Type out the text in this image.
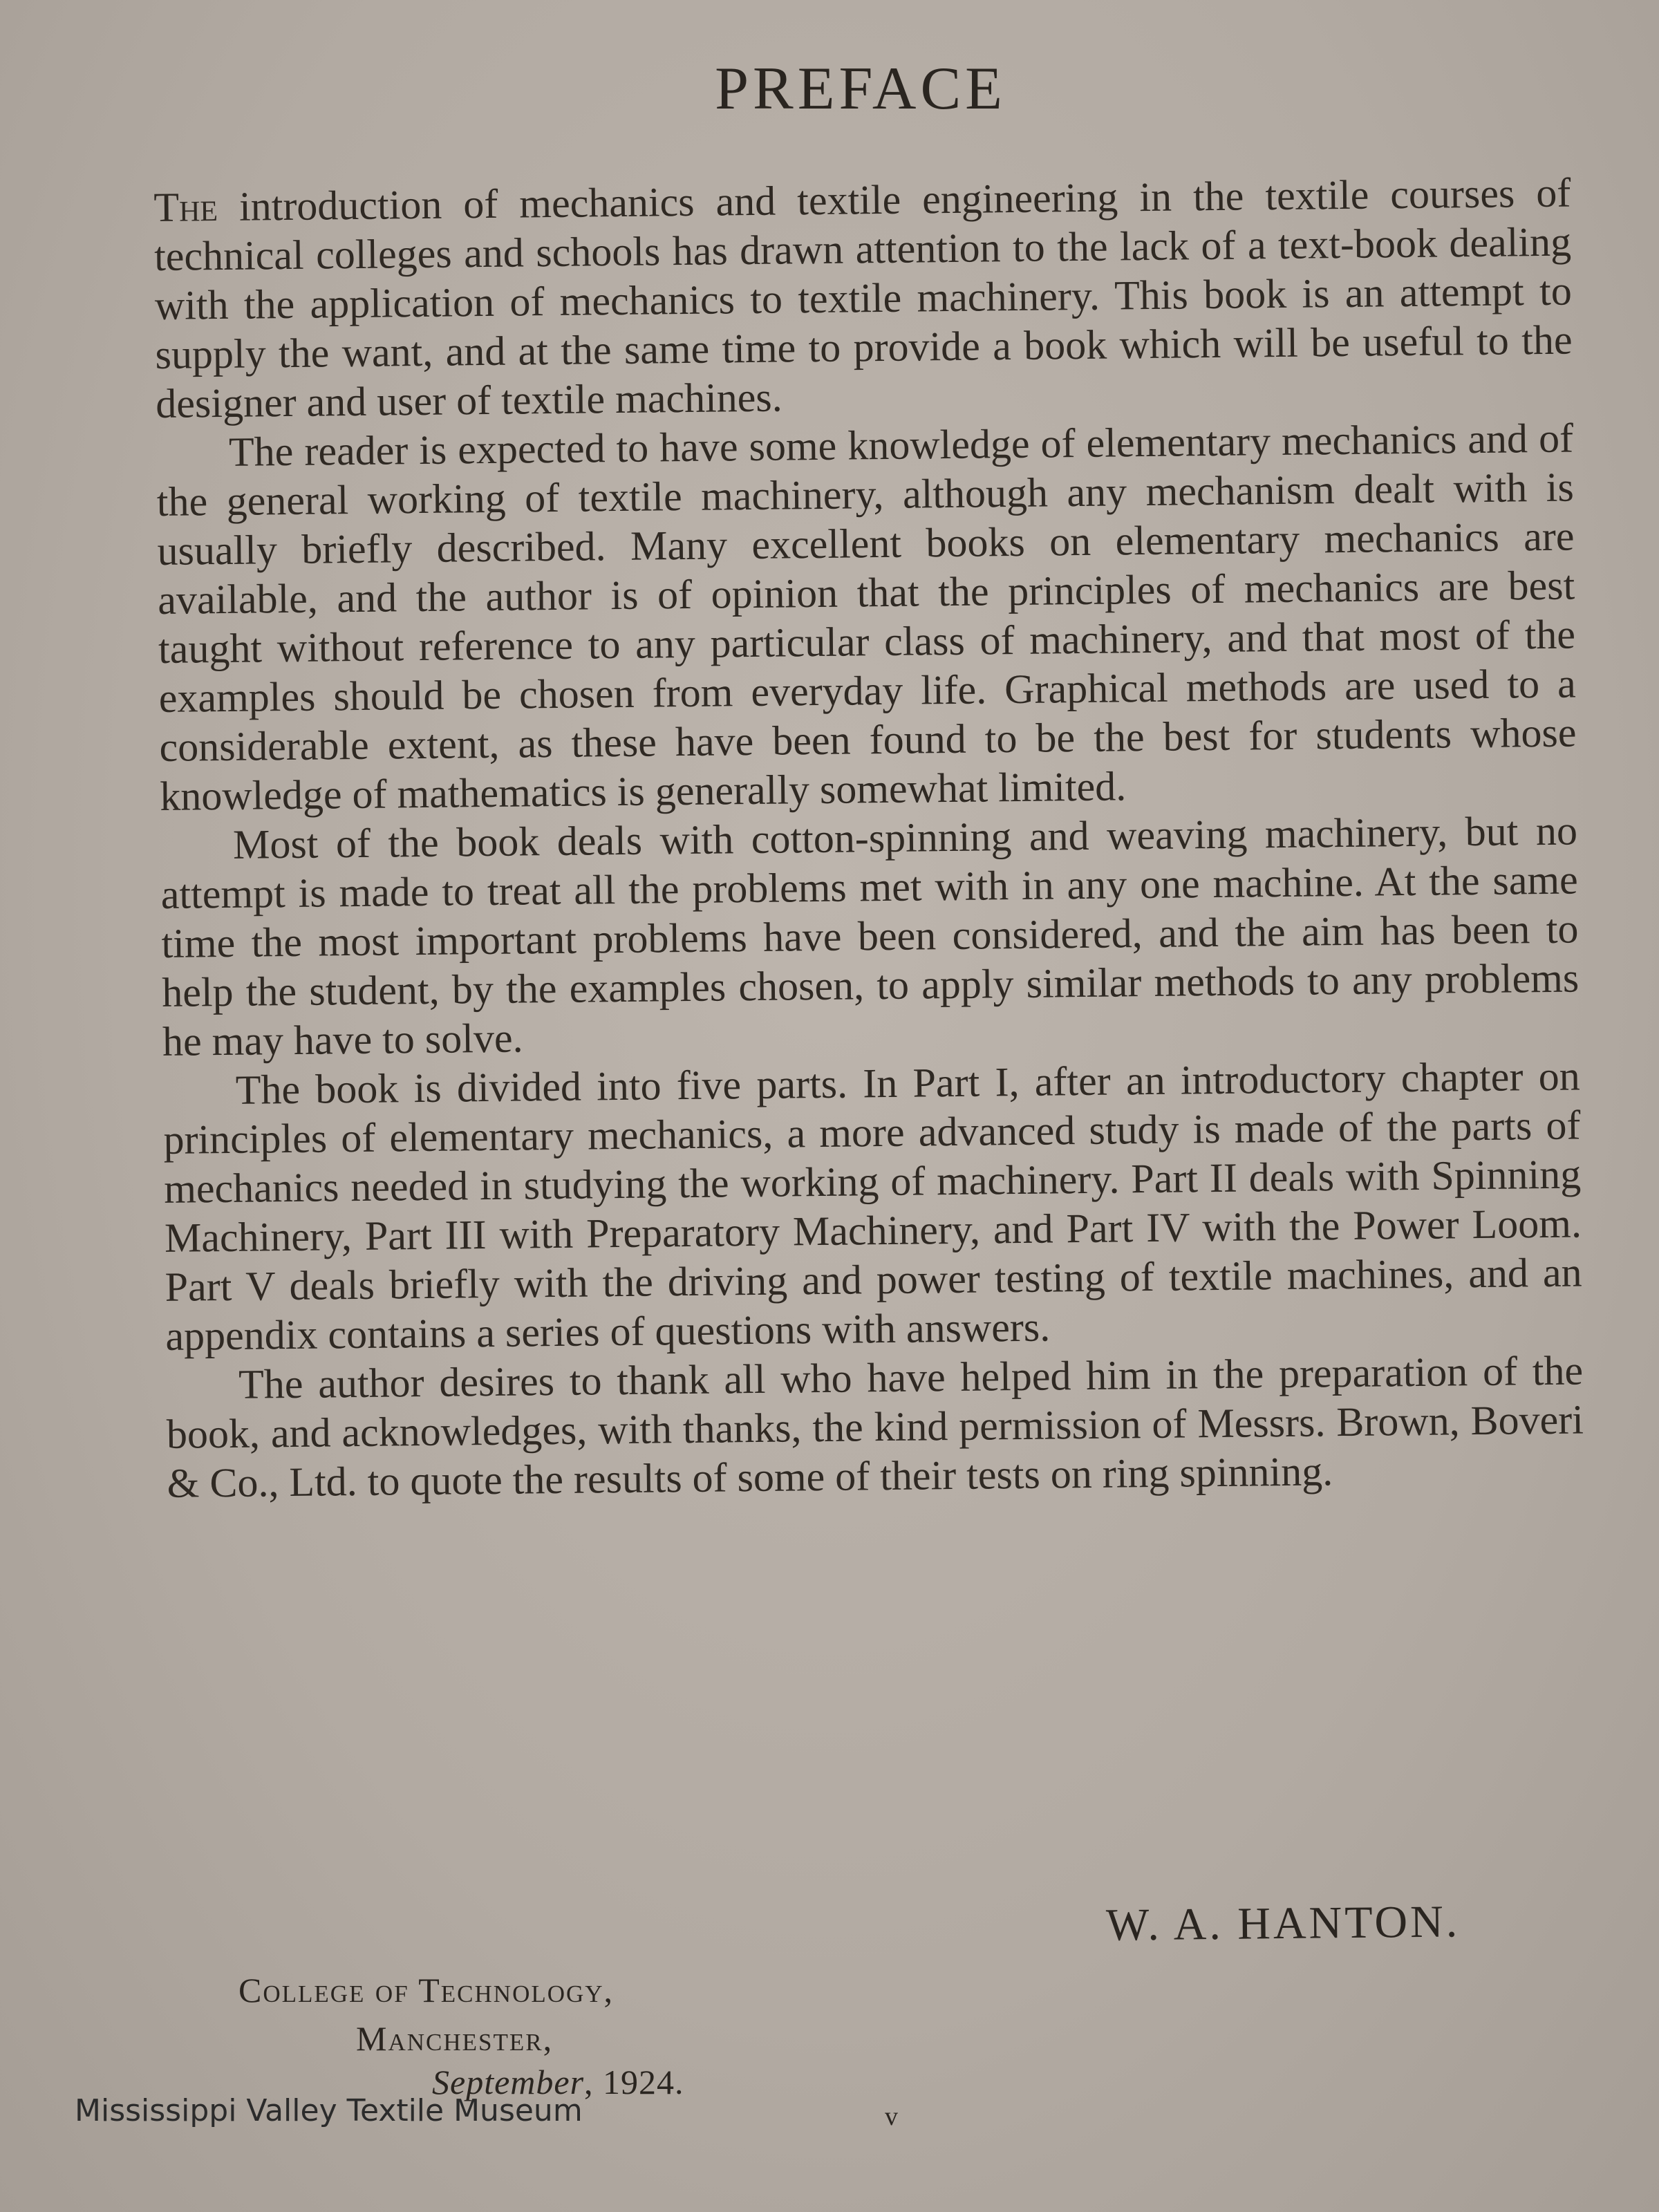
PREFACE

The introduction of mechanics and textile engineering in the textile courses of technical colleges and schools has drawn attention to the lack of a text-book dealing with the application of mechanics to textile machinery. This book is an attempt to supply the want, and at the same time to provide a book which will be useful to the designer and user of textile machines.

The reader is expected to have some knowledge of elementary mechanics and of the general working of textile machinery, although any mechanism dealt with is usually briefly described. Many excellent books on elementary mechanics are available, and the author is of opinion that the principles of mechanics are best taught without reference to any particular class of machinery, and that most of the examples should be chosen from everyday life. Graphical methods are used to a considerable extent, as these have been found to be the best for students whose knowledge of mathematics is generally somewhat limited.

Most of the book deals with cotton-spinning and weaving machinery, but no attempt is made to treat all the problems met with in any one machine. At the same time the most important problems have been considered, and the aim has been to help the student, by the examples chosen, to apply similar methods to any problems he may have to solve.

The book is divided into five parts. In Part I, after an introductory chapter on principles of elementary mechanics, a more advanced study is made of the parts of mechanics needed in studying the working of machinery. Part II deals with Spinning Machinery, Part III with Preparatory Machinery, and Part IV with the Power Loom. Part V deals briefly with the driving and power testing of textile machines, and an appendix contains a series of questions with answers.

The author desires to thank all who have helped him in the preparation of the book, and acknowledges, with thanks, the kind permission of Messrs. Brown, Boveri & Co., Ltd. to quote the results of some of their tests on ring spinning.

W. A. HANTON.
College of Technology,
Manchester,
September, 1924.
v
Mississippi Valley Textile Museum
